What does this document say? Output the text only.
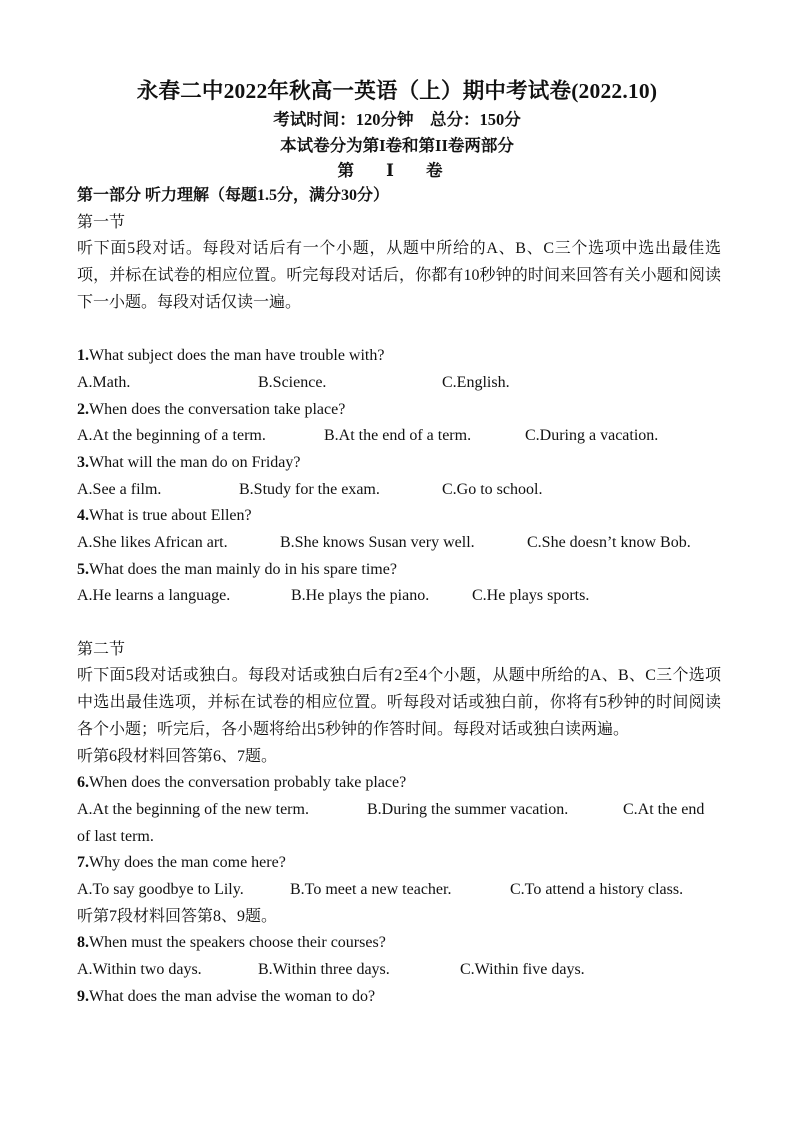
永春二中2022年秋高一英语（上）期中考试卷(2022.10)
考试时间：120分钟　总分：150分
本试卷分为第I卷和第II卷两部分
第 Ⅰ 卷
第一部分 听力理解（每题1.5分，满分30分）
第一节
听下面5段对话。每段对话后有一个小题，从题中所给的A、B、C三个选项中选出最佳选项，并标在试卷的相应位置。听完每段对话后，你都有10秒钟的时间来回答有关小题和阅读下一小题。每段对话仅读一遍。
1.What subject does the man have trouble with?
A.Math.	B.Science.	C.English.
2.When does the conversation take place?
A.At the beginning of a term.	B.At the end of a term.	C.During a vacation.
3.What will the man do on Friday?
A.See a film.	B.Study for the exam.	C.Go to school.
4.What is true about Ellen?
A.She likes African art.	B.She knows Susan very well.	C.She doesn’t know Bob.
5.What does the man mainly do in his spare time?
A.He learns a language.	B.He plays the piano.	C.He plays sports.
第二节
听下面5段对话或独白。每段对话或独白后有2至4个小题，从题中所给的A、B、C三个选项中选出最佳选项，并标在试卷的相应位置。听每段对话或独白前，你将有5秒钟的时间阅读各个小题；听完后，各小题将给出5秒钟的作答时间。每段对话或独白读两遍。
听第6段材料回答第6、7题。
6.When does the conversation probably take place?
A.At the beginning of the new term.	B.During the summer vacation.	C.At the end
of last term.
7.Why does the man come here?
A.To say goodbye to Lily.	B.To meet a new teacher.	C.To attend a history class.
听第7段材料回答第8、9题。
8.When must the speakers choose their courses?
A.Within two days.	B.Within three days.	C.Within five days.
9.What does the man advise the woman to do?
